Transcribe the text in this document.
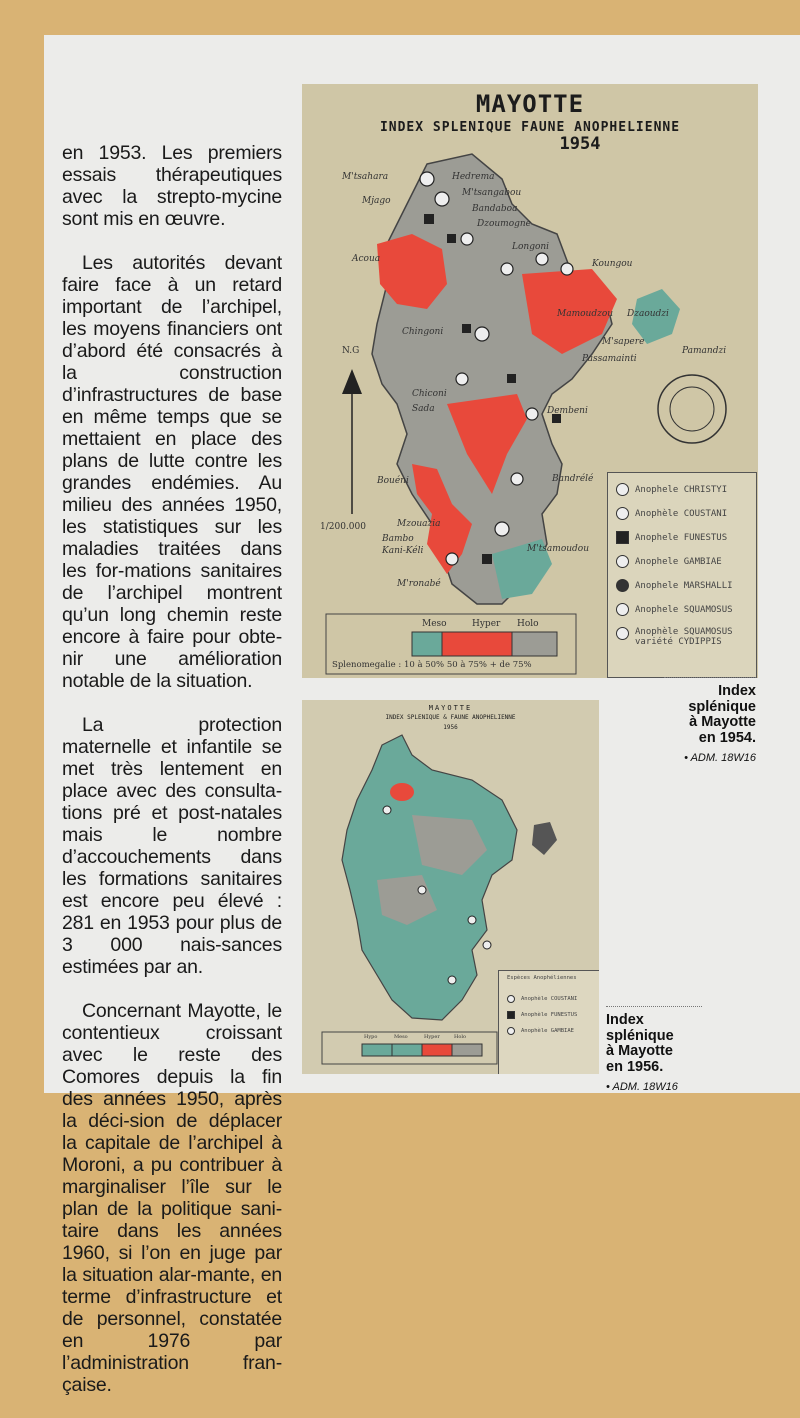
en 1953. Les premiers essais thérapeutiques avec la strepto-mycine sont mis en œuvre.

Les autorités devant faire face à un retard important de l’archipel, les moyens financiers ont d’abord été consacrés à la construction d’infrastructures de base en même temps que se mettaient en place des plans de lutte contre les grandes endémies. Au milieu des années 1950, les statistiques sur les maladies traitées dans les for-mations sanitaires de l’archipel montrent qu’un long chemin reste encore à faire pour obte-nir une amélioration notable de la situation.

La protection maternelle et infantile se met très lentement en place avec des consulta-tions pré et post-natales mais le nombre d’accouchements dans les formations sanitaires est encore peu élevé : 281 en 1953 pour plus de 3 000 nais-sances estimées par an.

Concernant Mayotte, le contentieux croissant avec le reste des Comores depuis la fin des années 1950, après la déci-sion de déplacer la capitale de l’archipel à Moroni, a pu contribuer à marginaliser l’île sur le plan de la politique sani-taire dans les années 1960, si l’on en juge par la situation alar-mante, en terme d’infrastructure et de personnel, constatée en 1976 par l’administration fran-çaise.

MAYOTTE
INDEX SPLENIQUE FAUNE ANOPHELIENNE
1954
M'tsahara	Hedrema
Mjago
M'tsangabou
Dzoumogne
Bandaboa
Longoni
Acoua	Koungou
Mamoudzou Dzaoudzi
Pamandzi
M'sapere
Passamainti
Chingoni
Chiconi
Sada	Dembeni
Bouéni
Mzouazia
Bambo
Kani-Kéli
M'ronabé
Bandrélé
M'tsamoudou
N.G
1/200.000
Meso	Hyper Holo
Splenomegalie : 10 à 50% 50 à 75% + de 75%
Anophele CHRISTYI
Anophèle COUSTANI
Anophele FUNESTUS
Anophele GAMBIAE
Anophele MARSHALLI
Anophele SQUAMOSUS
Anophèle SQUAMOSUS variété CYDIPPIS
Index splénique
à Mayotte
en 1954.
• ADM. 18W16
MAYOTTE
INDEX SPLENIQUE & FAUNE ANOPHELIENNE
1956
Espèces Anophéliennes
Anophèle COUSTANI
Anophèle FUNESTUS
Anophèle GAMBIAE
Hypo	Meso	Hyper	Holo
Index splénique
à Mayotte
en 1956.
• ADM. 18W16
